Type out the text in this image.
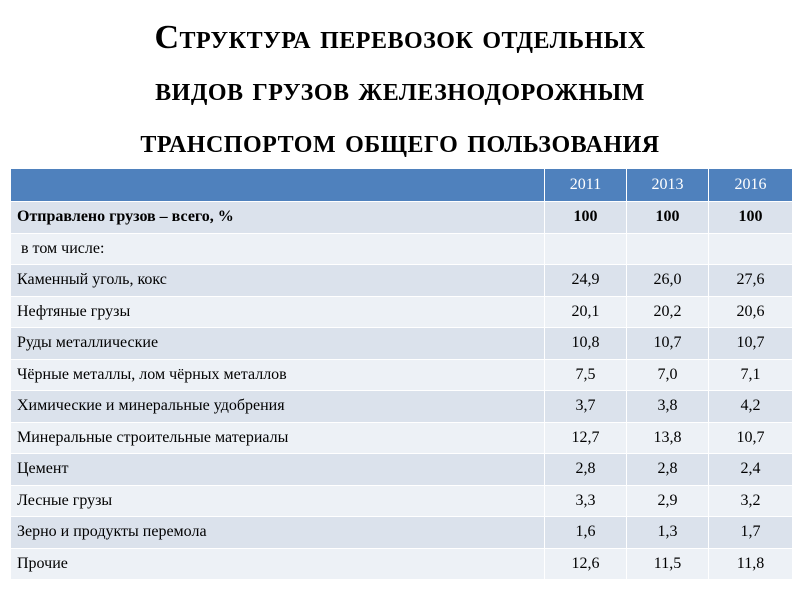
Структура перевозок отдельных
видов грузов железнодорожным
транспортом общего пользования
	2011	2013	2016
Отправлено грузов – всего, %	100	100	100
в том числе:			
Каменный уголь, кокс	24,9	26,0	27,6
Нефтяные грузы	20,1	20,2	20,6
Руды металлические	10,8	10,7	10,7
Чёрные металлы, лом чёрных металлов	7,5	7,0	7,1
Химические и минеральные удобрения	3,7	3,8	4,2
Минеральные строительные материалы	12,7	13,8	10,7
Цемент	2,8	2,8	2,4
Лесные грузы	3,3	2,9	3,2
Зерно и продукты перемола	1,6	1,3	1,7
Прочие	12,6	11,5	11,8
